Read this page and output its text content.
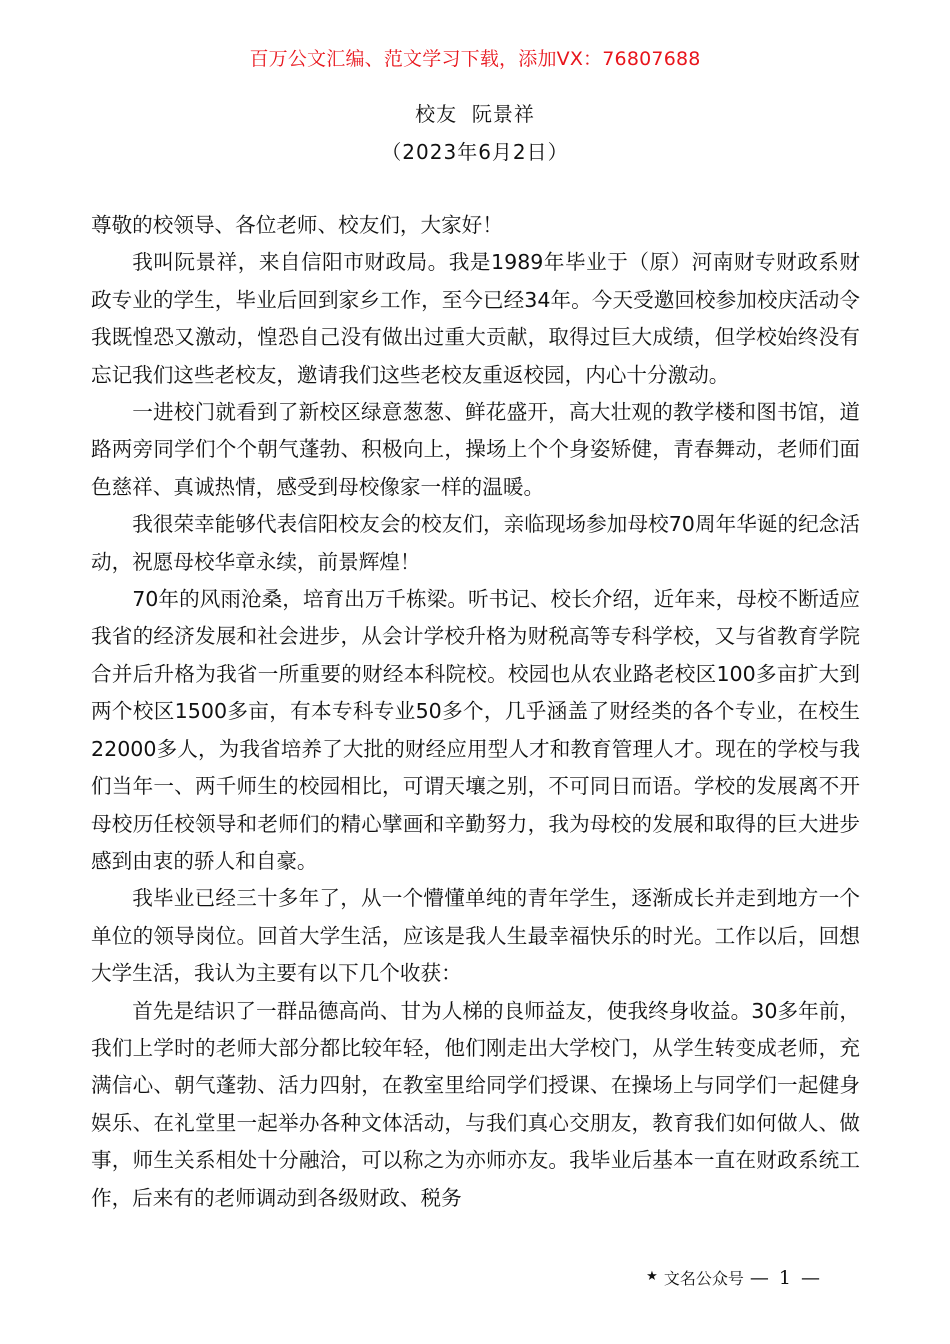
百万公文汇编、范文学习下载，添加VX：76807688
校友  阮景祥
（2023年6月2日）

尊敬的校领导、各位老师、校友们，大家好！

我叫阮景祥，来自信阳市财政局。我是1989年毕业于（原）河南财专财政系财政专业的学生，毕业后回到家乡工作，至今已经34年。今天受邀回校参加校庆活动令我既惶恐又激动，惶恐自己没有做出过重大贡献，取得过巨大成绩，但学校始终没有忘记我们这些老校友，邀请我们这些老校友重返校园，内心十分激动。

一进校门就看到了新校区绿意葱葱、鲜花盛开，高大壮观的教学楼和图书馆，道路两旁同学们个个朝气蓬勃、积极向上，操场上个个身姿矫健，青春舞动，老师们面色慈祥、真诚热情，感受到母校像家一样的温暖。

我很荣幸能够代表信阳校友会的校友们，亲临现场参加母校70周年华诞的纪念活动，祝愿母校华章永续，前景辉煌！

70年的风雨沧桑，培育出万千栋梁。听书记、校长介绍，近年来，母校不断适应我省的经济发展和社会进步，从会计学校升格为财税高等专科学校，又与省教育学院合并后升格为我省一所重要的财经本科院校。校园也从农业路老校区100多亩扩大到两个校区1500多亩，有本专科专业50多个，几乎涵盖了财经类的各个专业，在校生22000多人，为我省培养了大批的财经应用型人才和教育管理人才。现在的学校与我们当年一、两千师生的校园相比，可谓天壤之别，不可同日而语。学校的发展离不开母校历任校领导和老师们的精心擘画和辛勤努力，我为母校的发展和取得的巨大进步感到由衷的骄人和自豪。

我毕业已经三十多年了，从一个懵懂单纯的青年学生，逐渐成长并走到地方一个单位的领导岗位。回首大学生活，应该是我人生最幸福快乐的时光。工作以后，回想大学生活，我认为主要有以下几个收获：

首先是结识了一群品德高尚、甘为人梯的良师益友，使我终身收益。30多年前，我们上学时的老师大部分都比较年轻，他们刚走出大学校门，从学生转变成老师，充满信心、朝气蓬勃、活力四射，在教室里给同学们授课、在操场上与同学们一起健身娱乐、在礼堂里一起举办各种文体活动，与我们真心交朋友，教育我们如何做人、做事，师生关系相处十分融洽，可以称之为亦师亦友。我毕业后基本一直在财政系统工作，后来有的老师调动到各级财政、税务

★ 文名公众号 — 1 —
